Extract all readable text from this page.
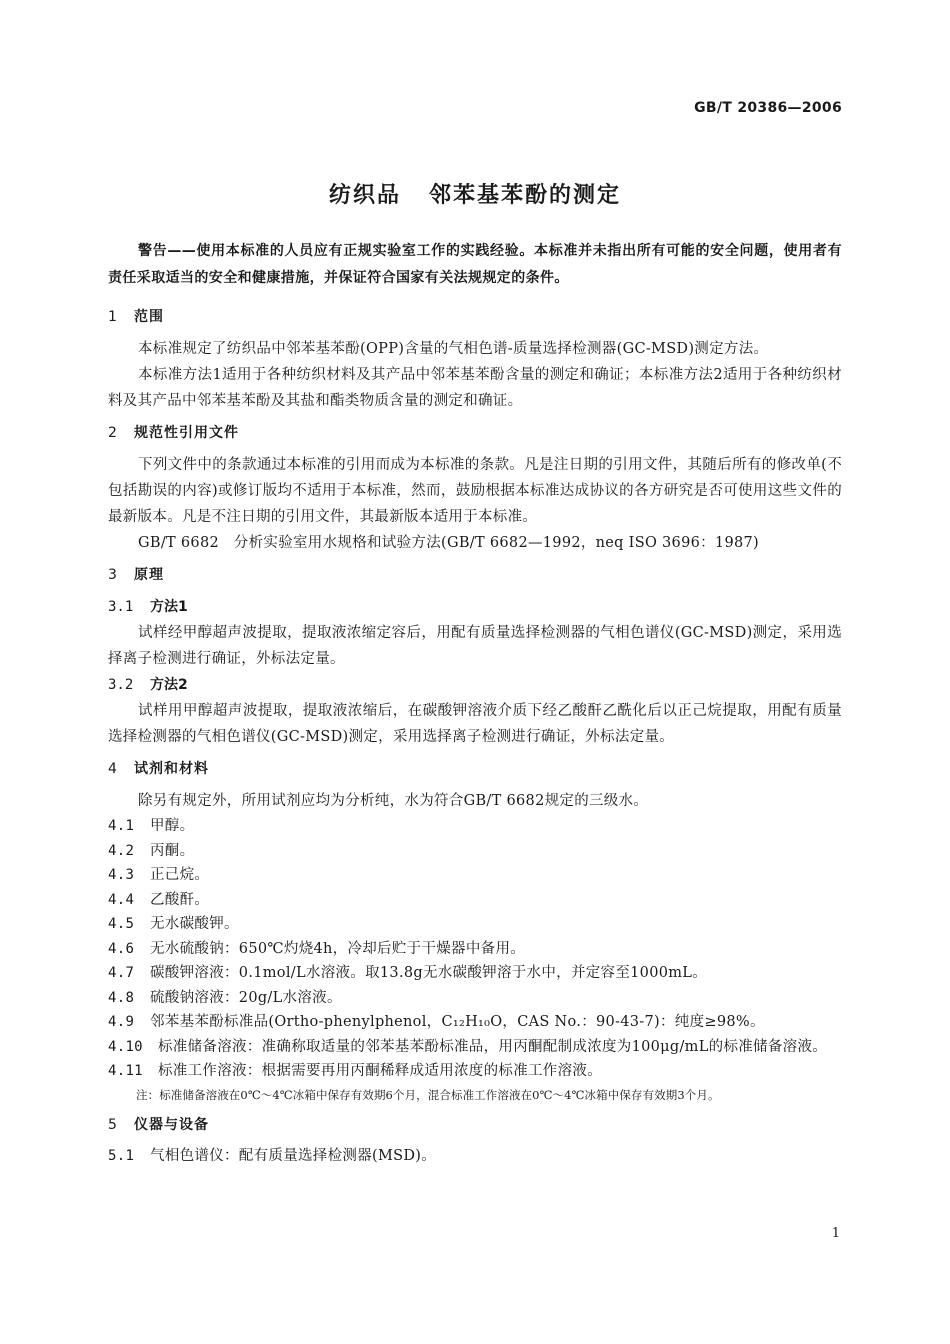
GB/T 20386—2006
纺织品 邻苯基苯酚的测定

警告——使用本标准的人员应有正规实验室工作的实践经验。本标准并未指出所有可能的安全问题，使用者有责任采取适当的安全和健康措施，并保证符合国家有关法规规定的条件。

1 范围

本标准规定了纺织品中邻苯基苯酚(OPP)含量的气相色谱-质量选择检测器(GC-MSD)测定方法。

本标准方法1适用于各种纺织材料及其产品中邻苯基苯酚含量的测定和确证；本标准方法2适用于各种纺织材料及其产品中邻苯基苯酚及其盐和酯类物质含量的测定和确证。

2 规范性引用文件

下列文件中的条款通过本标准的引用而成为本标准的条款。凡是注日期的引用文件，其随后所有的修改单(不包括勘误的内容)或修订版均不适用于本标准，然而，鼓励根据本标准达成协议的各方研究是否可使用这些文件的最新版本。凡是不注日期的引用文件，其最新版本适用于本标准。

GB/T 6682　分析实验室用水规格和试验方法(GB/T 6682—1992，neq ISO 3696：1987)

3 原理

3.1 方法1

试样经甲醇超声波提取，提取液浓缩定容后，用配有质量选择检测器的气相色谱仪(GC-MSD)测定，采用选择离子检测进行确证，外标法定量。

3.2 方法2

试样用甲醇超声波提取，提取液浓缩后，在碳酸钾溶液介质下经乙酸酐乙酰化后以正己烷提取，用配有质量选择检测器的气相色谱仪(GC-MSD)测定，采用选择离子检测进行确证，外标法定量。

4 试剂和材料

除另有规定外，所用试剂应均为分析纯，水为符合GB/T 6682规定的三级水。

4.1 甲醇。

4.2 丙酮。

4.3 正己烷。

4.4 乙酸酐。

4.5 无水碳酸钾。

4.6 无水硫酸钠：650℃灼烧4h，冷却后贮于干燥器中备用。

4.7 碳酸钾溶液：0.1mol/L水溶液。取13.8g无水碳酸钾溶于水中，并定容至1000mL。

4.8 硫酸钠溶液：20g/L水溶液。

4.9 邻苯基苯酚标准品(Ortho-phenylphenol，C₁₂H₁₀O，CAS No.：90-43-7)：纯度≥98%。

4.10 标准储备溶液：准确称取适量的邻苯基苯酚标准品，用丙酮配制成浓度为100μg/mL的标准储备溶液。

4.11 标准工作溶液：根据需要再用丙酮稀释成适用浓度的标准工作溶液。

注：标准储备溶液在0℃～4℃冰箱中保存有效期6个月，混合标准工作溶液在0℃～4℃冰箱中保存有效期3个月。

5 仪器与设备

5.1 气相色谱仪：配有质量选择检测器(MSD)。

1
